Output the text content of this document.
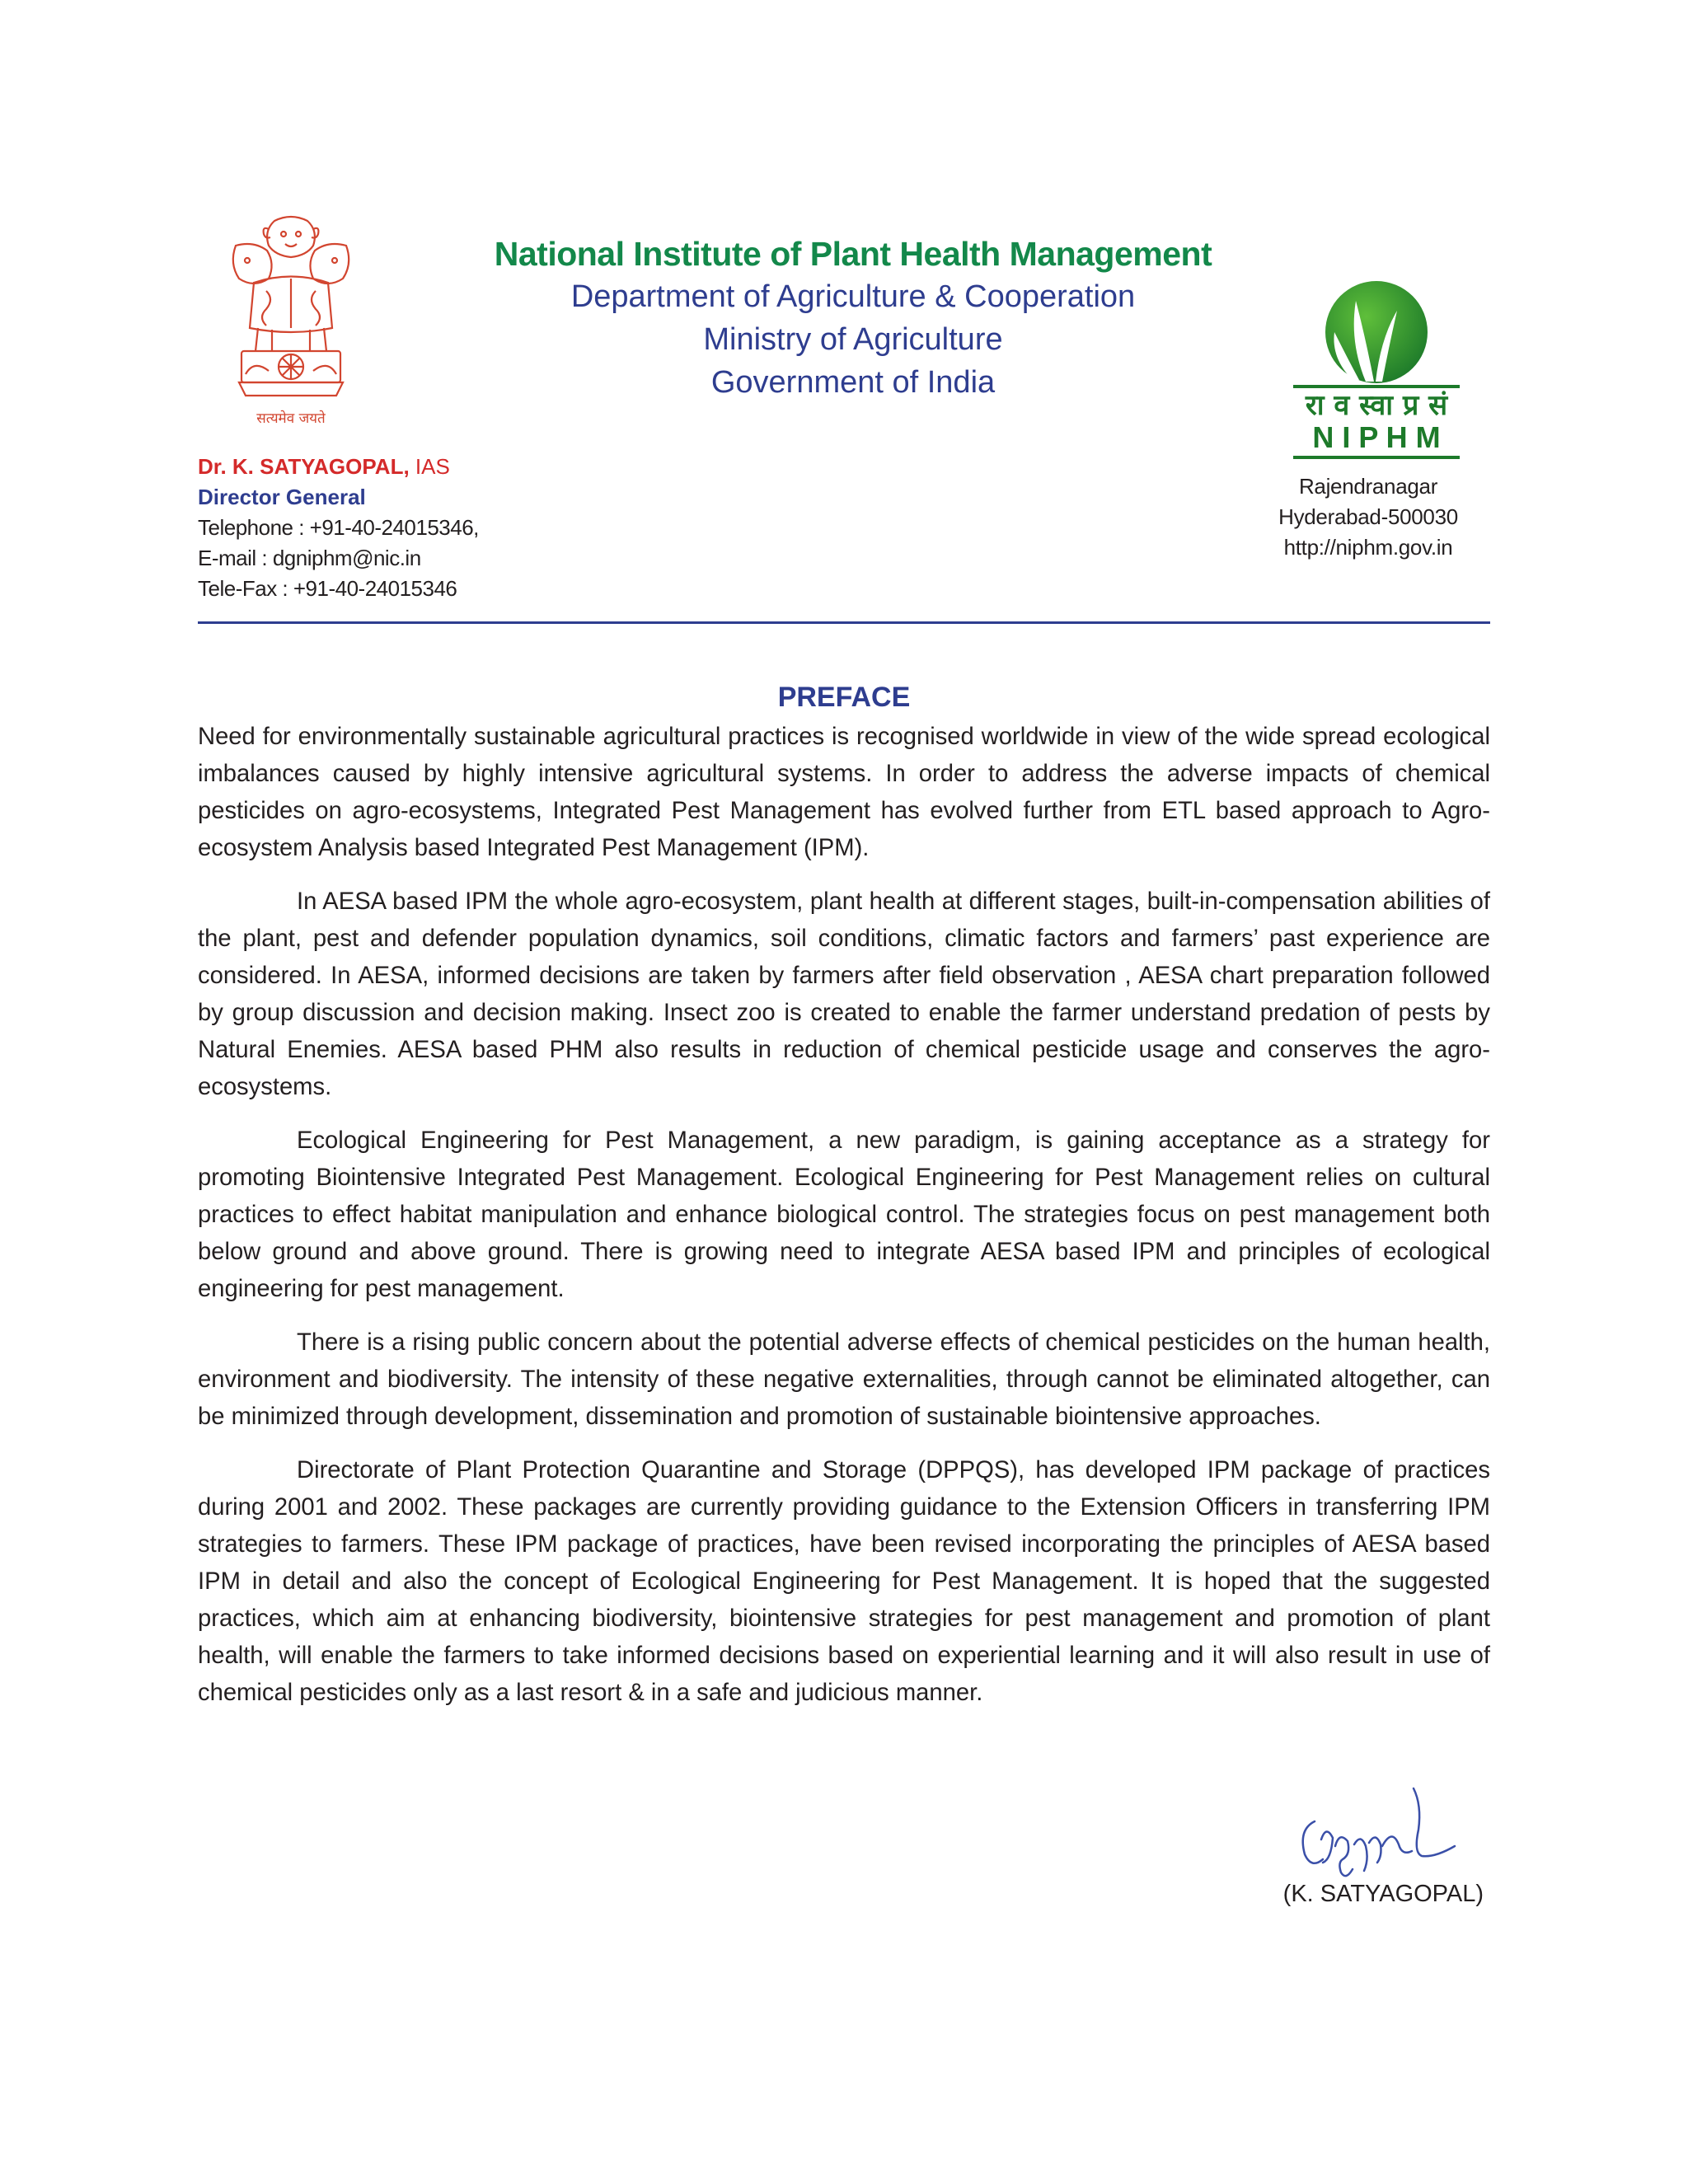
सत्यमेव जयते
National Institute of Plant Health Management
Department of Agriculture & Cooperation
Ministry of Agriculture
Government of India
रा व स्वा प्र सं
N I P H M
Dr. K. SATYAGOPAL, IAS
Director General
Telephone : +91-40-24015346,
E-mail : dgniphm@nic.in
Tele-Fax : +91-40-24015346
Rajendranagar
Hyderabad-500030
http://niphm.gov.in
PREFACE

Need for environmentally sustainable agricultural practices is recognised worldwide in view of the wide spread ecological imbalances caused by highly intensive agricultural systems. In order to address the adverse impacts of chemical pesticides on agro-ecosystems, Integrated Pest Management has evolved further from ETL based approach to Agro-ecosystem Analysis based Integrated Pest Management (IPM).

In AESA based IPM the whole agro-ecosystem, plant health at different stages, built-in-compensation abilities of the plant, pest and defender population dynamics, soil conditions, climatic factors and farmers’ past experience are considered. In AESA, informed decisions are taken by farmers after field observation , AESA chart preparation followed by group discussion and decision making. Insect zoo is created to enable the farmer understand predation of pests by Natural Enemies. AESA based PHM also results in reduction of chemical pesticide usage and conserves the agro-ecosystems.

Ecological Engineering for Pest Management, a new paradigm, is gaining acceptance as a strategy for promoting Biointensive Integrated Pest Management. Ecological Engineering for Pest Management relies on cultural practices to effect habitat manipulation and enhance biological control. The strategies focus on pest management both below ground and above ground. There is growing need to integrate AESA based IPM and principles of ecological engineering for pest management.

There is a rising public concern about the potential adverse effects of chemical pesticides on the human health, environment and biodiversity. The intensity of these negative externalities, through cannot be eliminated altogether, can be minimized through development, dissemination and promotion of sustainable biointensive approaches.

Directorate of Plant Protection Quarantine and Storage (DPPQS), has developed IPM package of practices during 2001 and 2002. These packages are currently providing guidance to the Extension Officers in transferring IPM strategies to farmers. These IPM package of practices, have been revised incorporating the principles of AESA based IPM in detail and also the concept of Ecological Engineering for Pest Management. It is hoped that the suggested practices, which aim at enhancing biodiversity, biointensive strategies for pest management and promotion of plant health, will enable the farmers to take informed decisions based on experiential learning and it will also result in use of chemical pesticides only as a last resort & in a safe and judicious manner.

(K. SATYAGOPAL)
